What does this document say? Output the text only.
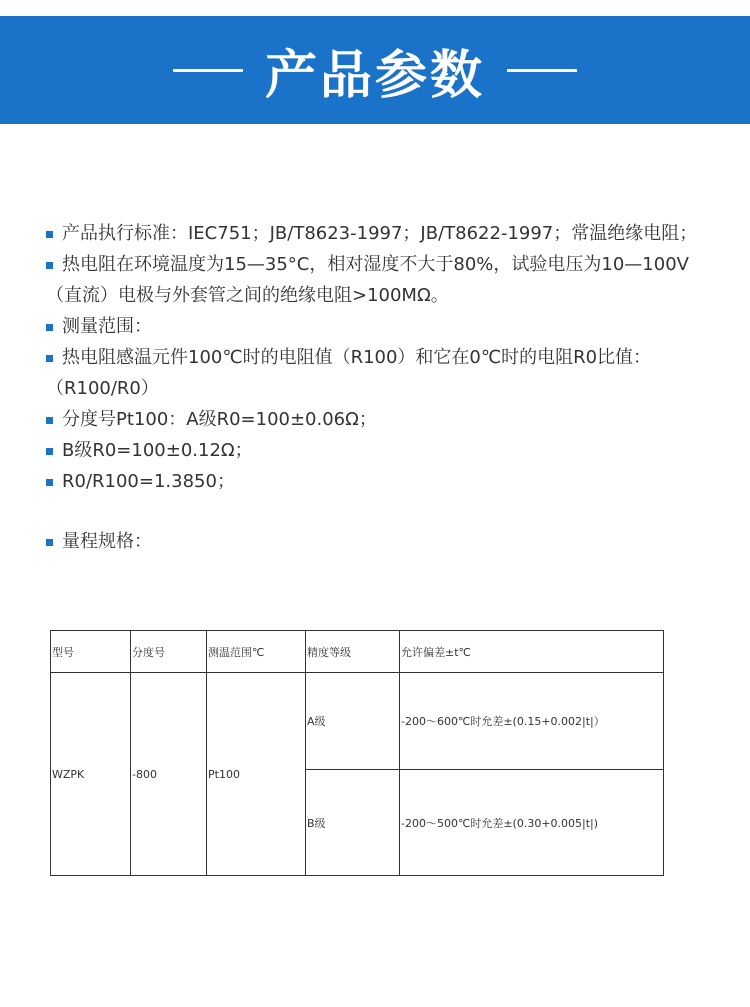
产品参数
产品执行标准：IEC751；JB/T8623-1997；JB/T8622-1997；常温绝缘电阻；
热电阻在环境温度为15—35°C，相对湿度不大于80%，试验电压为10—100V
（直流）电极与外套管之间的绝缘电阻>100MΩ。
测量范围：
热电阻感温元件100℃时的电阻值（R100）和它在0℃时的电阻R0比值：
（R100/R0）
分度号Pt100：A级R0=100±0.06Ω；
B级R0=100±0.12Ω；
R0/R100=1.3850；
量程规格：
型号	分度号	测温范围℃	精度等级	允许偏差±t℃
WZPK	-800	Pt100	A级	-200～600℃时允差±(0.15+0.002|t|）
			B级	-200～500℃时允差±(0.30+0.005|t|)
